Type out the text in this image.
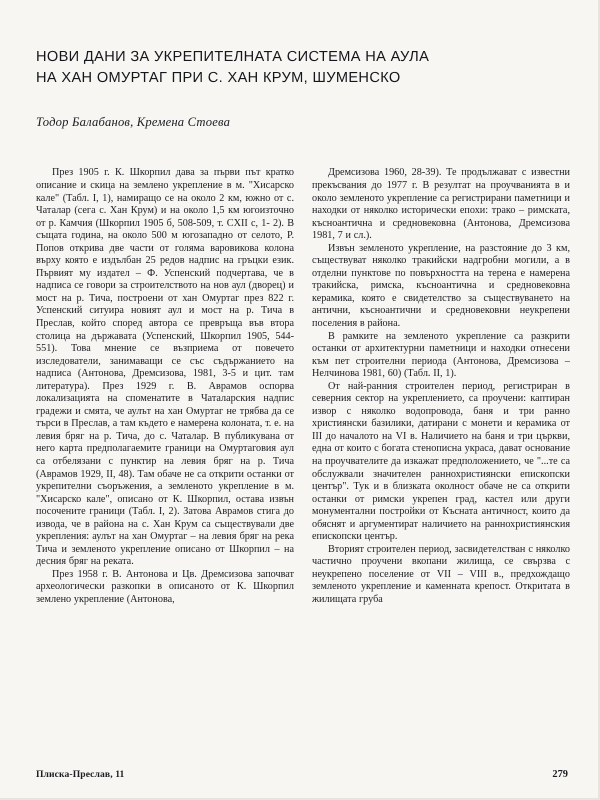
НОВИ ДАНИ ЗА УКРЕПИТЕЛНАТА СИСТЕМА НА АУЛА
НА ХАН ОМУРТАГ ПРИ С. ХАН КРУМ, ШУМЕНСКО
Тодор Балабанов, Кремена Стоева

През 1905 г. К. Шкорпил дава за първи път кратко описание и скица на землено укрепление в м. "Хисарско кале" (Табл. I, 1), намиращо се на около 2 км, южно от с. Чаталар (сега с. Хан Крум) и на около 1,5 км югоизточно от р. Камчия (Шкорпил 1905 б, 508-509, т. CXII с, 1- 2). В същата година, на около 500 м югозападно от селото, Р. Попов открива две части от голяма варовикова колона върху която е издълбан 25 редов надпис на гръцки език. Първият му издател – Ф. Успенский подчертава, че в надписа се говори за строителството на нов аул (дворец) и мост на р. Тича, построени от хан Омуртаг през 822 г. Успенский ситуира новият аул и мост на р. Тича в Преслав, който според автора се превръща във втора столица на държавата (Успенский, Шкорпил 1905, 544-551). Това мнение се възприема от повечето изследователи, занимаващи се със съдържанието на надписа (Антонова, Дремсизова, 1981, 3-5 и цит. там литература). През 1929 г. В. Аврамов оспорва локализацията на споменатите в Чаталарския надпис градежи и смята, че аулът на хан Омуртаг не трябва да се търси в Преслав, а там където е намерена колоната, т. е. на левия бряг на р. Тича, до с. Чаталар. В публикувана от него карта предполагаемите граници на Омуртаговия аул са отбелязани с пунктир на левия бряг на р. Тича (Аврамов 1929, II, 48). Там обаче не са открити останки от укрепителни съоръжения, а земленото укрепление в м. "Хисарско кале", описано от К. Шкорпил, остава извън посочените граници (Табл. I, 2). Затова Аврамов стига до извода, че в района на с. Хан Крум са съществували две укрепления: аулът на хан Омуртаг – на левия бряг на река Тича и земленото укрепление описано от Шкорпил – на десния бряг на реката.

През 1958 г. В. Антонова и Цв. Дремсизова започват археологически разкопки в описаното от К. Шкорпил землено укрепление (Антонова,

Дремсизова 1960, 28-39). Те продължават с известни прекъсвания до 1977 г. В резултат на проучванията в и около земленото укрепление са регистрирани паметници и находки от няколко исторически епохи: трако – римската, късноантична и средновековна (Антонова, Дремсизова 1981, 7 и сл.).

Извън земленото укрепление, на разстояние до 3 км, съществуват няколко тракийски надгробни могили, а в отделни пунктове по повърхността на терена е намерена тракийска, римска, късноантична и средновековна керамика, която е свидетелство за съществуването на антични, късноантични и средновековни неукрепени поселения в района.

В рамките на земленото укрепление са разкрити останки от архитектурни паметници и находки отнесени към пет строителни периода (Антонова, Дремсизова – Нелчинова 1981, 60) (Табл. II, 1).

От най-ранния строителен период, регистриран в северния сектор на укреплението, са проучени: каптиран извор с няколко водопровода, баня и три ранно християнски базилики, датирани с монети и керамика от III до началото на VI в. Наличието на баня и три църкви, една от които с богата стенописна украса, дават основание на проучвателите да изкажат предположението, че "...те са обслужвали значителен раннохристиянски епископски центъp". Тук и в близката околност обаче не са открити останки от римски укрепен град, кастел или други монументални постройки от Късната античност, които да обяснят и аргументират наличието на раннохристиянския епископски центъp.

Вторият строителен период, засвидетелстван с няколко частично проучени вкопани жилища, се свързва с неукрепено поселение от VII – VIII в., предхождащо земленото укрепление и каменната крепост. Откритата в жилищата груба

Плиска-Преслав, 11	279
